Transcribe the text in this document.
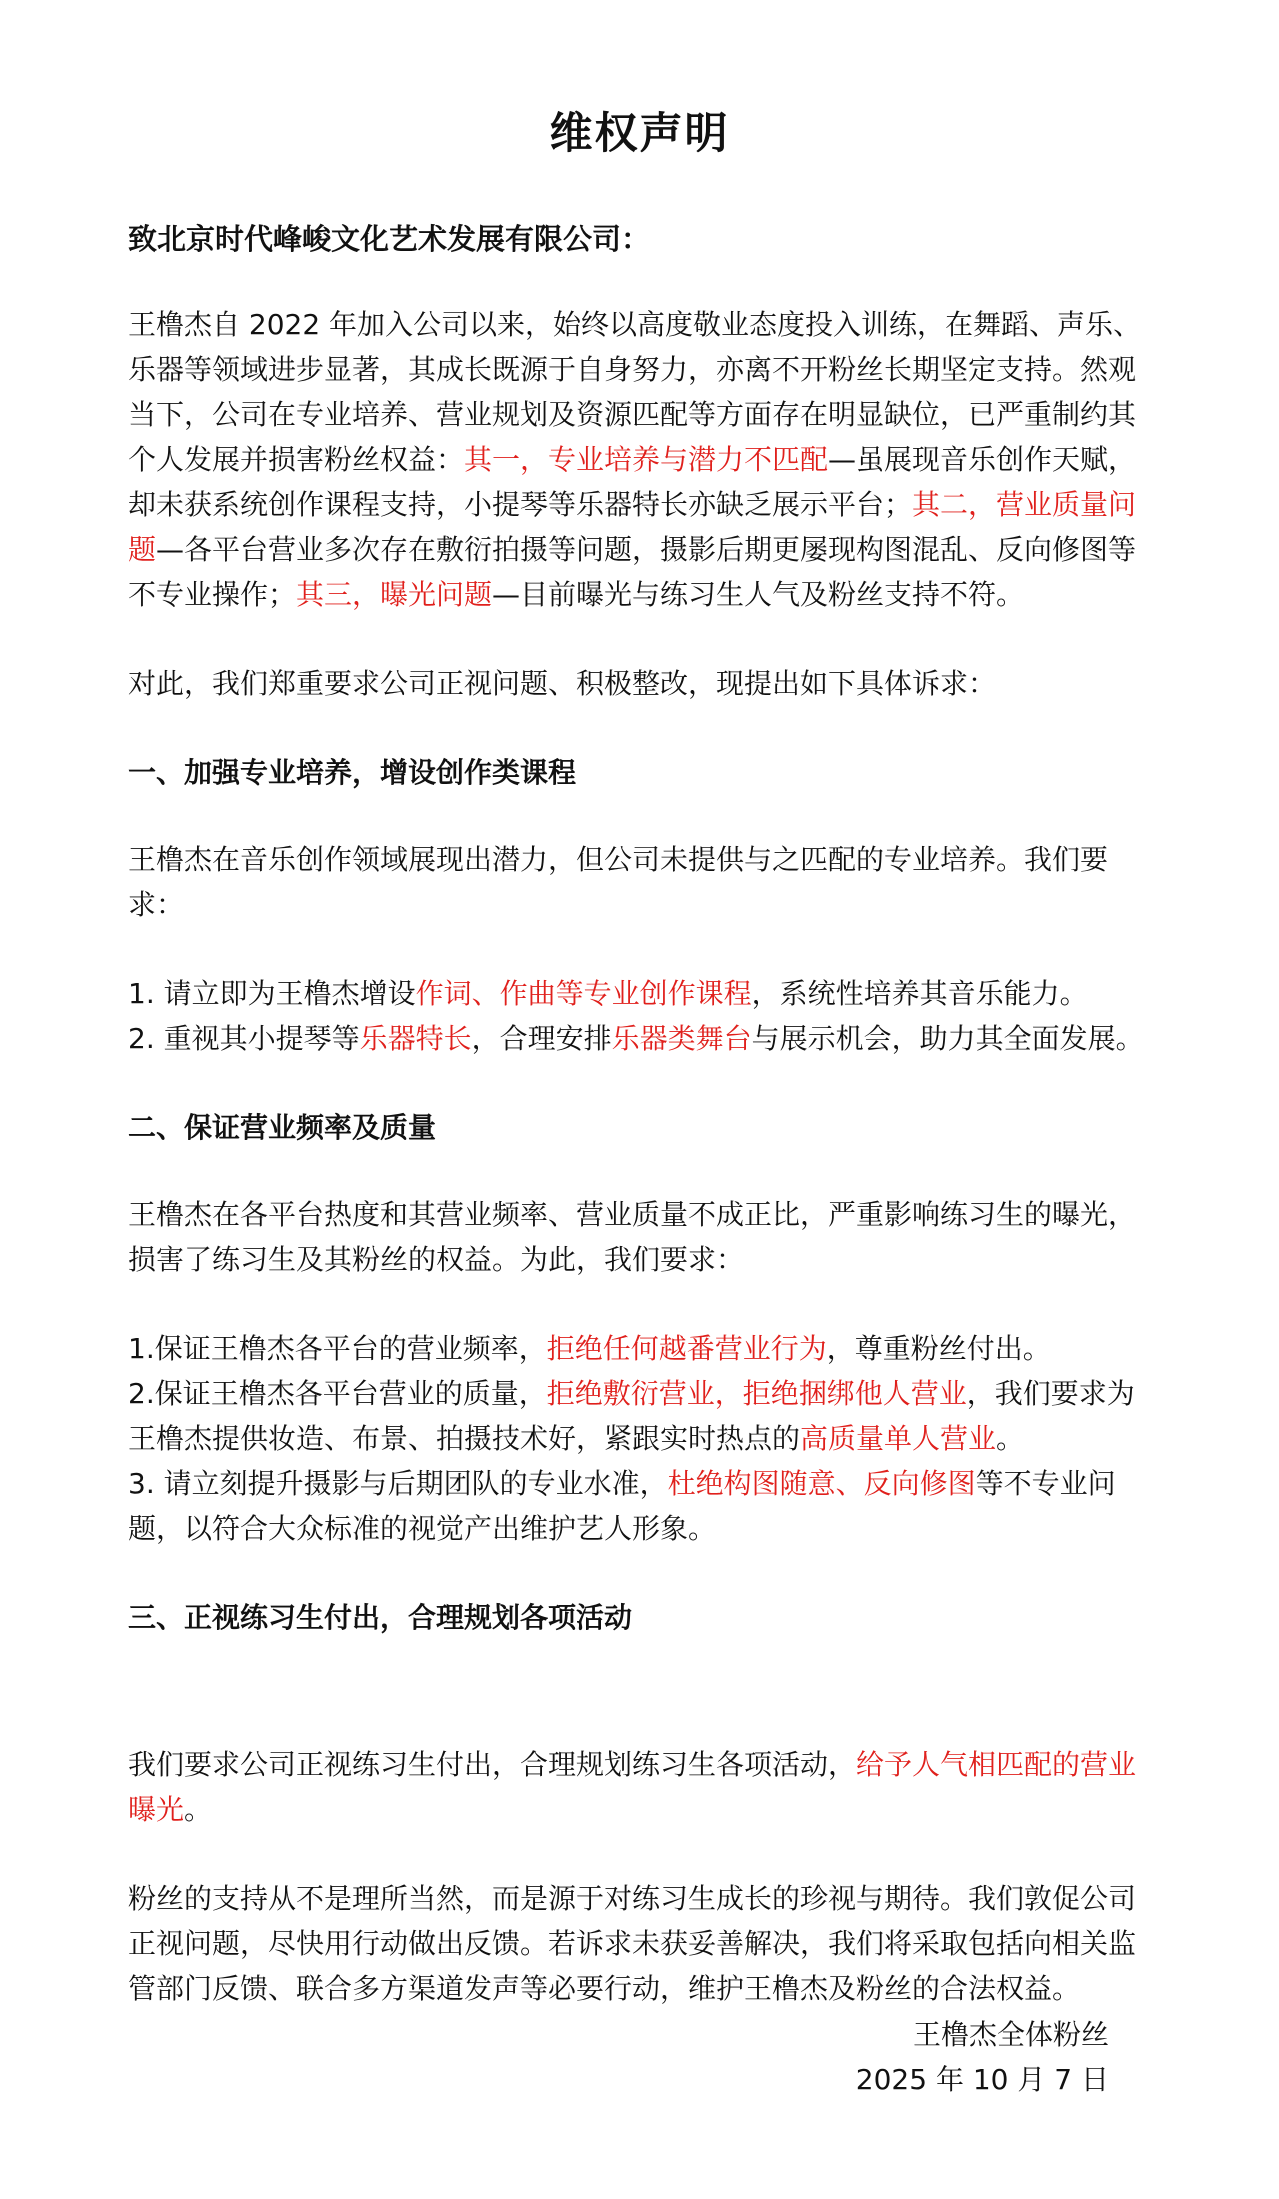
维权声明
致北京时代峰峻文化艺术发展有限公司：

王橹杰自 2022 年加入公司以来，始终以高度敬业态度投入训练，在舞蹈、声乐、乐器等领域进步显著，其成长既源于自身努力，亦离不开粉丝长期坚定支持。然观当下，公司在专业培养、营业规划及资源匹配等方面存在明显缺位，已严重制约其个人发展并损害粉丝权益：其一，专业培养与潜力不匹配—虽展现音乐创作天赋，却未获系统创作课程支持，小提琴等乐器特长亦缺乏展示平台；其二，营业质量问题—各平台营业多次存在敷衍拍摄等问题，摄影后期更屡现构图混乱、反向修图等不专业操作；其三，曝光问题—目前曝光与练习生人气及粉丝支持不符。

对此，我们郑重要求公司正视问题、积极整改，现提出如下具体诉求：

一、加强专业培养，增设创作类课程

王橹杰在音乐创作领域展现出潜力，但公司未提供与之匹配的专业培养。我们要求：

1. 请立即为王橹杰增设作词、作曲等专业创作课程，系统性培养其音乐能力。

2. 重视其小提琴等乐器特长，合理安排乐器类舞台与展示机会，助力其全面发展。

二、保证营业频率及质量

王橹杰在各平台热度和其营业频率、营业质量不成正比，严重影响练习生的曝光，损害了练习生及其粉丝的权益。为此，我们要求：

1.保证王橹杰各平台的营业频率，拒绝任何越番营业行为，尊重粉丝付出。

2.保证王橹杰各平台营业的质量，拒绝敷衍营业，拒绝捆绑他人营业，我们要求为王橹杰提供妆造、布景、拍摄技术好，紧跟实时热点的高质量单人营业。

3. 请立刻提升摄影与后期团队的专业水准，杜绝构图随意、反向修图等不专业问题，以符合大众标准的视觉产出维护艺人形象。

三、正视练习生付出，合理规划各项活动

我们要求公司正视练习生付出，合理规划练习生各项活动，给予人气相匹配的营业曝光。

粉丝的支持从不是理所当然，而是源于对练习生成长的珍视与期待。我们敦促公司正视问题，尽快用行动做出反馈。若诉求未获妥善解决，我们将采取包括向相关监管部门反馈、联合多方渠道发声等必要行动，维护王橹杰及粉丝的合法权益。

王橹杰全体粉丝
2025 年 10 月 7 日
